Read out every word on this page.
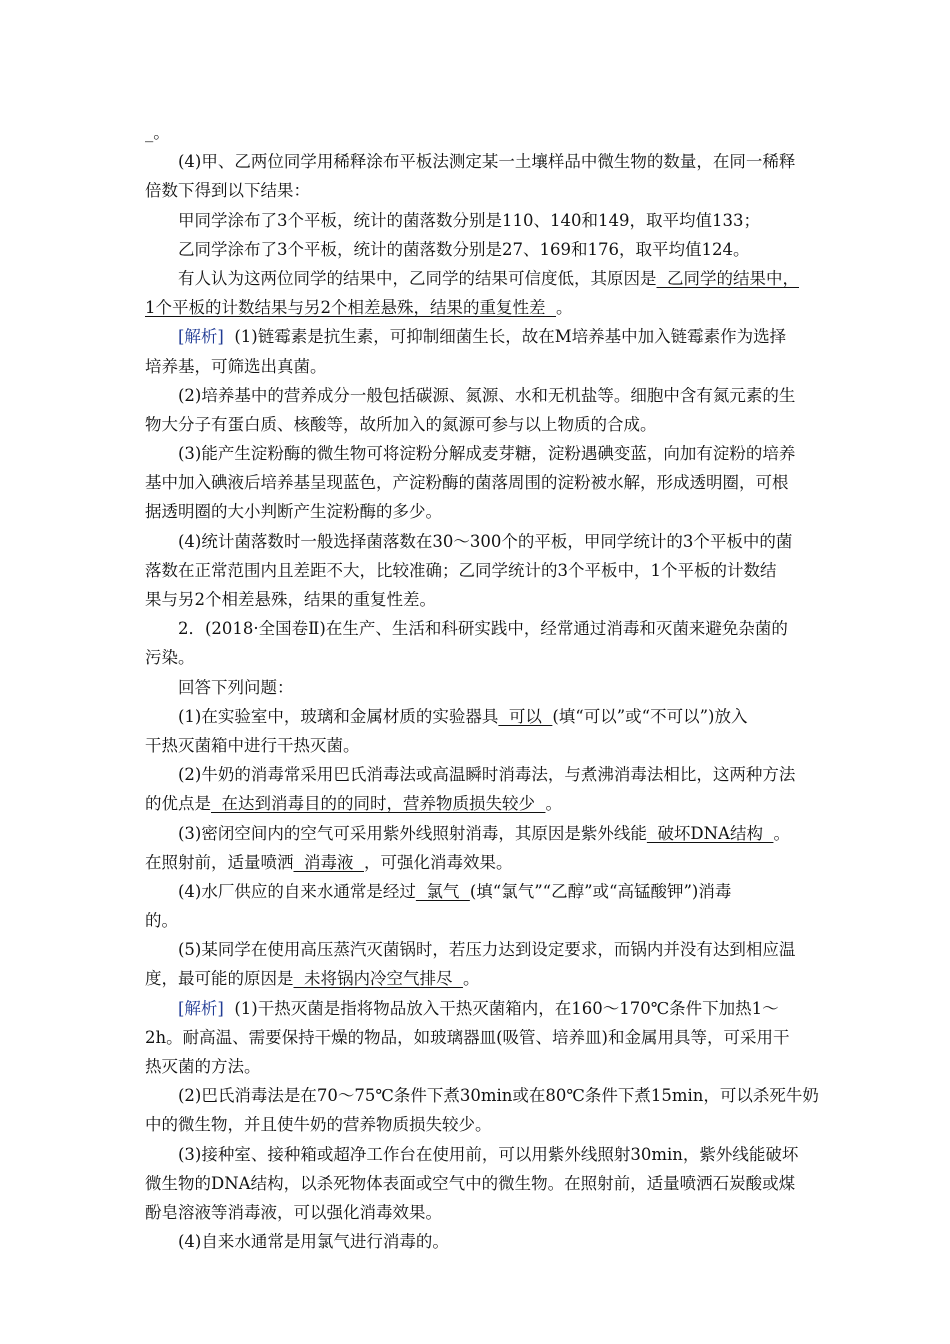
_。
(4)甲、乙两位同学用稀释涂布平板法测定某一土壤样品中微生物的数量，在同一稀释
倍数下得到以下结果：
甲同学涂布了3个平板，统计的菌落数分别是110、140和149，取平均值133；
乙同学涂布了3个平板，统计的菌落数分别是27、169和176，取平均值124。
有人认为这两位同学的结果中，乙同学的结果可信度低，其原因是  乙同学的结果中，
1个平板的计数结果与另2个相差悬殊，结果的重复性差  。
[解析]  (1)链霉素是抗生素，可抑制细菌生长，故在M培养基中加入链霉素作为选择
培养基，可筛选出真菌。
(2)培养基中的营养成分一般包括碳源、氮源、水和无机盐等。细胞中含有氮元素的生
物大分子有蛋白质、核酸等，故所加入的氮源可参与以上物质的合成。
(3)能产生淀粉酶的微生物可将淀粉分解成麦芽糖，淀粉遇碘变蓝，向加有淀粉的培养
基中加入碘液后培养基呈现蓝色，产淀粉酶的菌落周围的淀粉被水解，形成透明圈，可根
据透明圈的大小判断产生淀粉酶的多少。
(4)统计菌落数时一般选择菌落数在30～300个的平板，甲同学统计的3个平板中的菌
落数在正常范围内且差距不大，比较准确；乙同学统计的3个平板中，1个平板的计数结
果与另2个相差悬殊，结果的重复性差。
2．(2018·全国卷Ⅱ)在生产、生活和科研实践中，经常通过消毒和灭菌来避免杂菌的
污染。
回答下列问题：
(1)在实验室中，玻璃和金属材质的实验器具  可以  (填“可以”或“不可以”)放入
干热灭菌箱中进行干热灭菌。
(2)牛奶的消毒常采用巴氏消毒法或高温瞬时消毒法，与煮沸消毒法相比，这两种方法
的优点是  在达到消毒目的的同时，营养物质损失较少  。
(3)密闭空间内的空气可采用紫外线照射消毒，其原因是紫外线能  破坏DNA结构  。
在照射前，适量喷洒  消毒液  ，可强化消毒效果。
(4)水厂供应的自来水通常是经过  氯气  (填“氯气”“乙醇”或“高锰酸钾”)消毒
的。
(5)某同学在使用高压蒸汽灭菌锅时，若压力达到设定要求，而锅内并没有达到相应温
度，最可能的原因是  未将锅内冷空气排尽  。
[解析]  (1)干热灭菌是指将物品放入干热灭菌箱内，在160～170℃条件下加热1～
2h。耐高温、需要保持干燥的物品，如玻璃器皿(吸管、培养皿)和金属用具等，可采用干
热灭菌的方法。
(2)巴氏消毒法是在70～75℃条件下煮30min或在80℃条件下煮15min，可以杀死牛奶
中的微生物，并且使牛奶的营养物质损失较少。
(3)接种室、接种箱或超净工作台在使用前，可以用紫外线照射30min，紫外线能破坏
微生物的DNA结构，以杀死物体表面或空气中的微生物。在照射前，适量喷洒石炭酸或煤
酚皂溶液等消毒液，可以强化消毒效果。
(4)自来水通常是用氯气进行消毒的。
